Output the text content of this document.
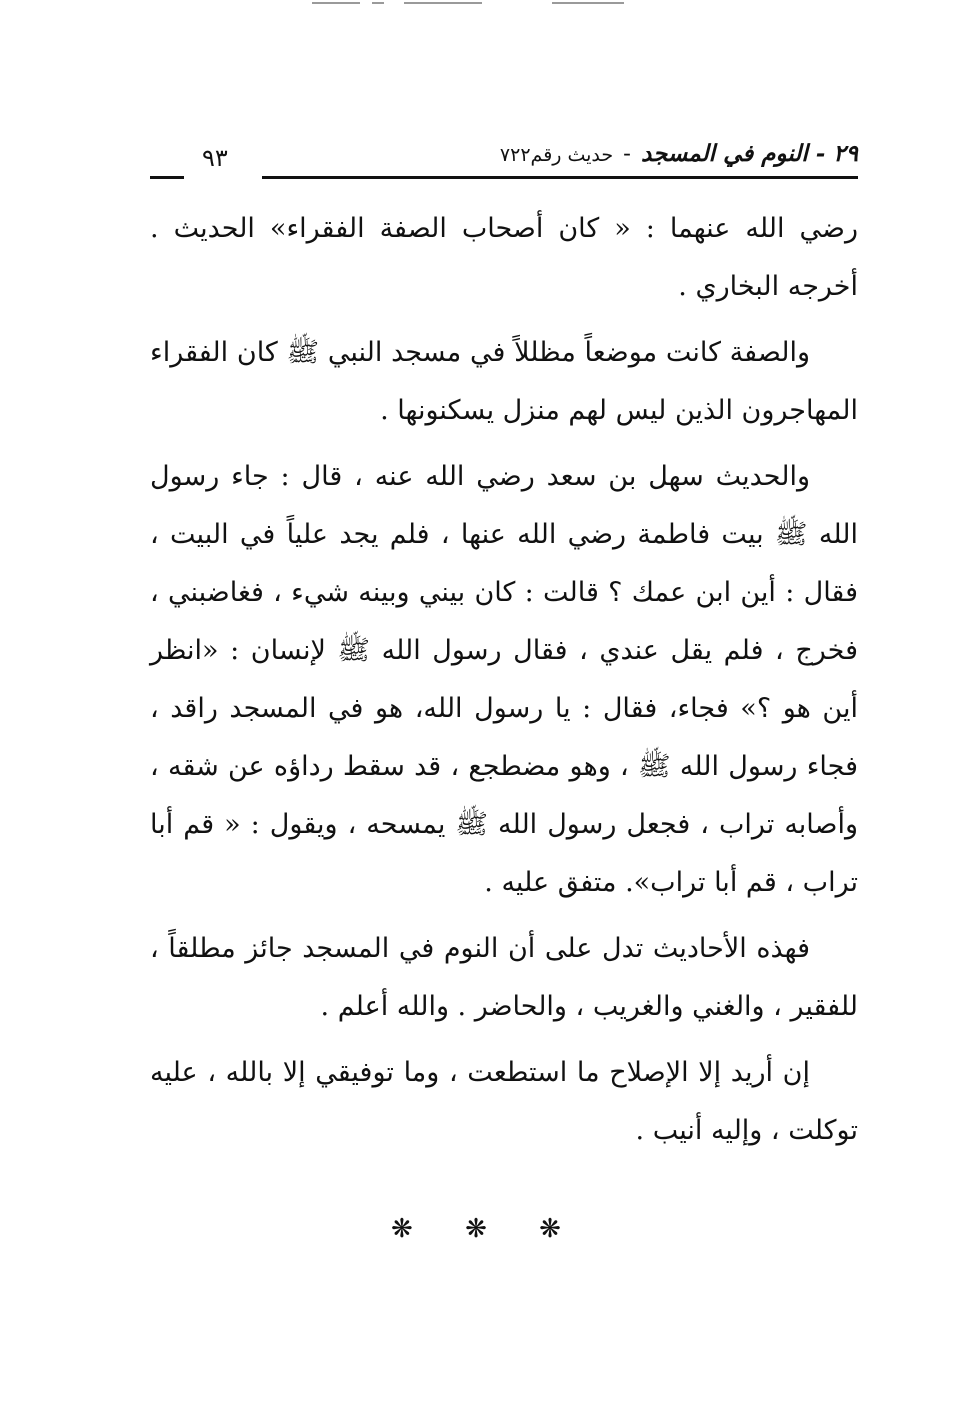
٢٩ - النوم في المسجد-حديث رقم٧٢٢
٩٣

رضي الله عنهما : « كان أصحاب الصفة الفقراء» الحديث . أخرجه البخاري .

والصفة كانت موضعاً مظللاً في مسجد النبي ﷺ كان الفقراء المهاجرون الذين ليس لهم منزل يسكنونها .

والحديث سهل بن سعد رضي الله عنه ، قال : جاء رسول الله ﷺ بيت فاطمة رضي الله عنها ، فلم يجد علياً في البيت ، فقال : أين ابن عمك ؟ قالت : كان بيني وبينه شيء ، فغاضبني ، فخرج ، فلم يقل عندي ، فقال رسول الله ﷺ لإنسان : «انظر أين هو ؟» فجاء، فقال : يا رسول الله، هو في المسجد راقد ، فجاء رسول الله ﷺ ، وهو مضطجع ، قد سقط رداؤه عن شقه ، وأصابه تراب ، فجعل رسول الله ﷺ يمسحه ، ويقول : « قم أبا تراب ، قم أبا تراب». متفق عليه .

فهذه الأحاديث تدل على أن النوم في المسجد جائز مطلقاً ، للفقير ، والغني والغريب ، والحاضر . والله أعلم .

إن أريد إلا الإصلاح ما استطعت ، وما توفيقي إلا بالله ، عليه توكلت ، وإليه أنيب .

❋ ❋ ❋
